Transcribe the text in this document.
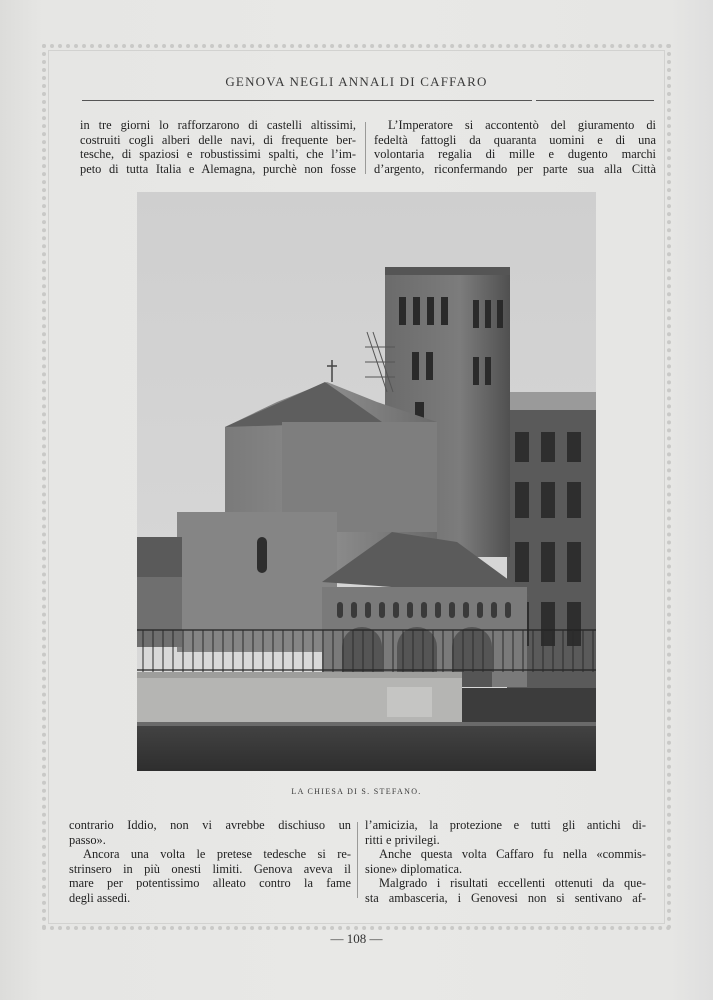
GENOVA NEGLI ANNALI DI CAFFARO
in tre giorni lo rafforzarono di castelli altissimi,
costruiti cogli alberi delle navi, di frequente ber-
tesche, di spaziosi e robustissimi spalti, che l’im-
peto di tutta Italia e Alemagna, purchè non fosse
L’Imperatore si accontentò del giuramento di
fedeltà fattogli da quaranta uomini e di una
volontaria regalia di mille e dugento marchi
d’argento, riconfermando per parte sua alla Città
LA CHIESA DI S. STEFANO.
contrario Iddio, non vi avrebbe dischiuso un
passo».
Ancora una volta le pretese tedesche si re-
strinsero in più onesti limiti. Genova aveva il
mare per potentissimo alleato contro la fame
degli assedi.
l’amicizia, la protezione e tutti gli antichi di-
ritti e privilegi.
Anche questa volta Caffaro fu nella «commis-
sione» diplomatica.
Malgrado i risultati eccellenti ottenuti da que-
sta ambasceria, i Genovesi non si sentivano af-
— 108 —
